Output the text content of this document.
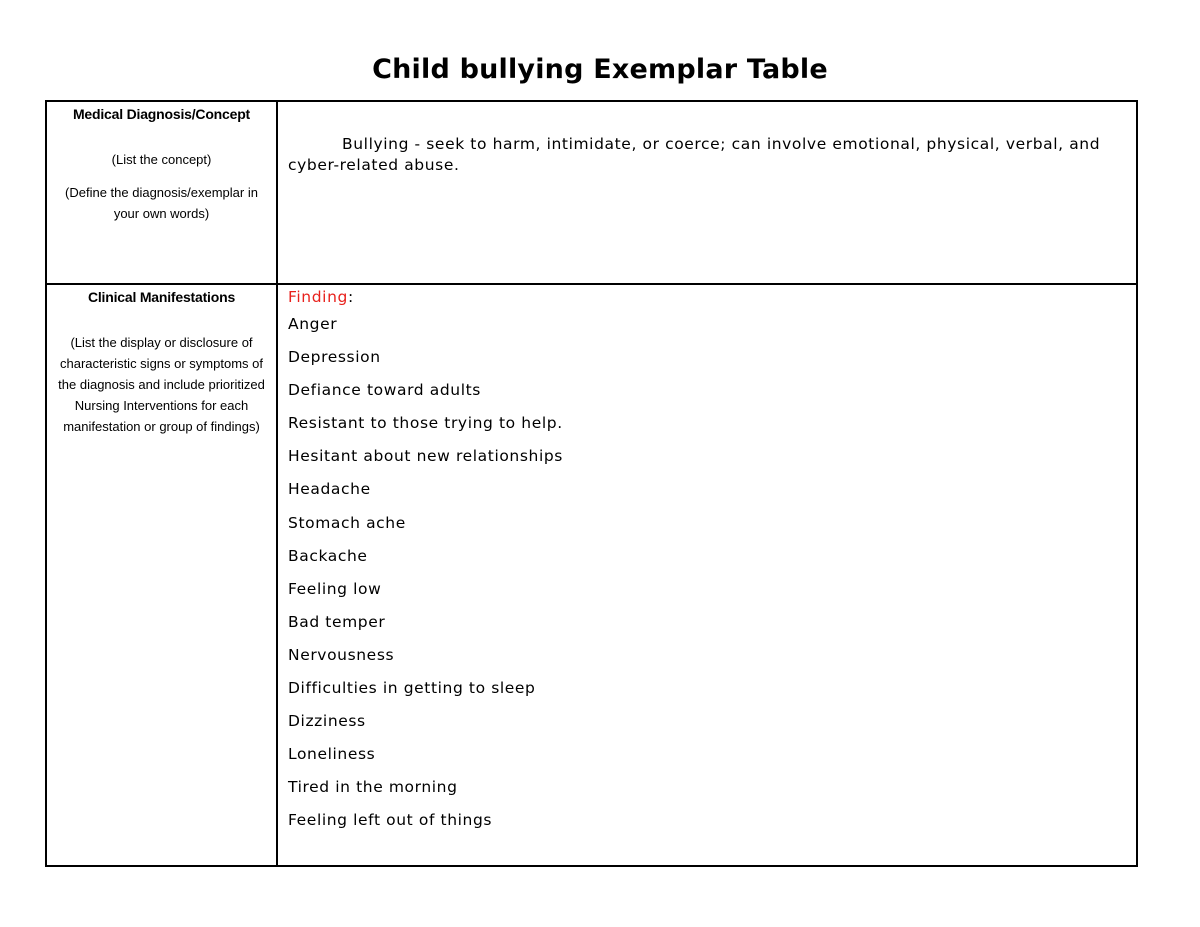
Child bullying Exemplar Table
Medical Diagnosis/Concept
(List the concept)
(Define the diagnosis/exemplar in your own words)
Bullying - seek to harm, intimidate, or coerce; can involve emotional, physical, verbal, and cyber-related abuse.
Clinical Manifestations
(List the display or disclosure of characteristic signs or symptoms of the diagnosis and include prioritized Nursing Interventions for each manifestation or group of findings)
Finding:
Anger
Depression
Defiance toward adults
Resistant to those trying to help.
Hesitant about new relationships
Headache
Stomach ache
Backache
Feeling low
Bad temper
Nervousness
Difficulties in getting to sleep
Dizziness
Loneliness
Tired in the morning
Feeling left out of things
